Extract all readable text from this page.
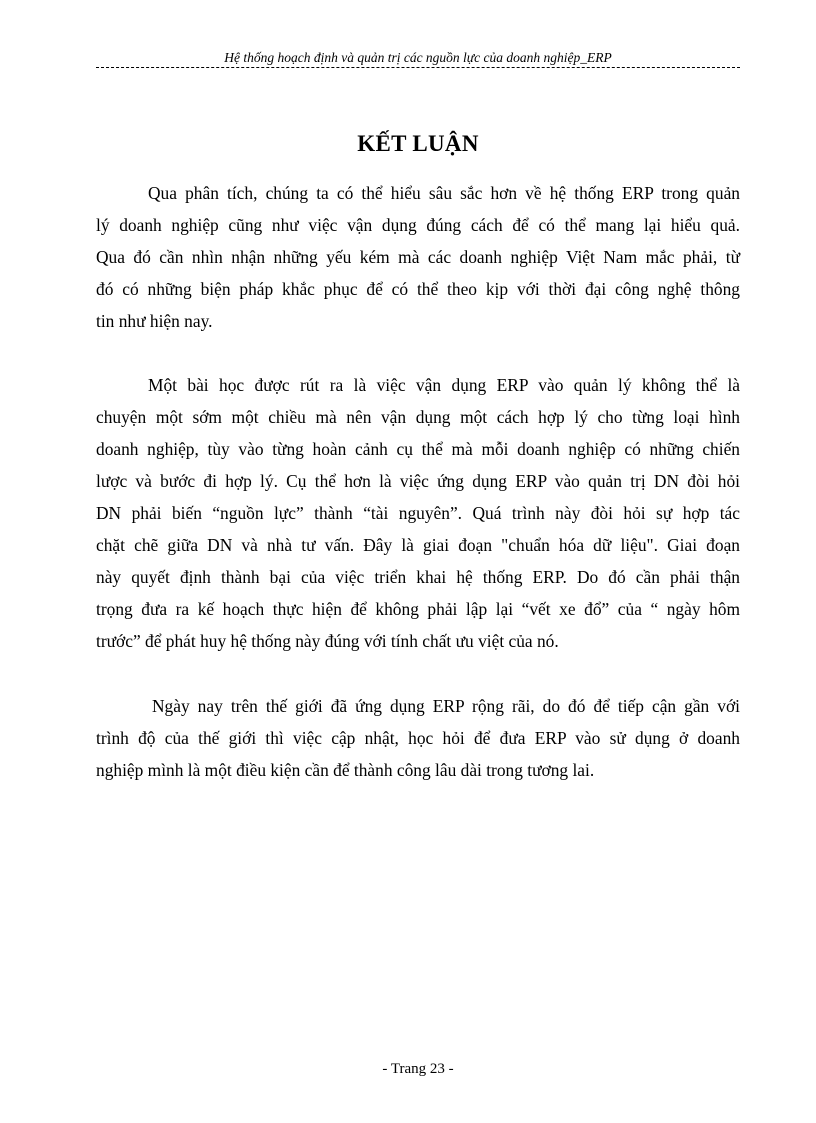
Hệ thống hoạch định và quản trị các nguồn lực của doanh nghiệp_ERP
KẾT LUẬN
Qua phân tích, chúng ta có thể hiểu sâu sắc hơn về hệ thống ERP trong quản
lý doanh nghiệp cũng như việc vận dụng đúng cách để có thể mang lại hiểu quả.
Qua đó cần nhìn nhận những yếu kém mà các doanh nghiệp Việt Nam mắc phải, từ
đó có những biện pháp khắc phục để có thể theo kịp với thời đại công nghệ thông
tin như hiện nay.
Một bài học được rút ra là việc vận dụng ERP vào quản lý không thể là
chuyện một sớm một chiều mà nên vận dụng một cách hợp lý cho từng loại hình
doanh nghiệp, tùy vào từng hoàn cảnh cụ thể mà mỗi doanh nghiệp có những chiến
lược và bước đi hợp lý. Cụ thể hơn là việc ứng dụng ERP vào quản trị DN đòi hỏi
DN phải biến “nguồn lực” thành “tài nguyên”. Quá trình này đòi hỏi sự hợp tác
chặt chẽ giữa DN và nhà tư vấn. Đây là giai đoạn "chuẩn hóa dữ liệu". Giai đoạn
này quyết định thành bại của việc triển khai hệ thống ERP. Do đó cần phải thận
trọng đưa ra kế hoạch thực hiện để không phải lập lại “vết xe đổ” của “ ngày hôm
trước” để phát huy hệ thống này đúng với tính chất ưu việt của nó.
Ngày nay trên thế giới đã ứng dụng ERP rộng rãi, do đó để tiếp cận gần với
trình độ của thế giới thì việc cập nhật, học hỏi để đưa ERP vào sử dụng ở doanh
nghiệp mình là một điều kiện cần để thành công lâu dài trong tương lai.
- Trang 23 -
